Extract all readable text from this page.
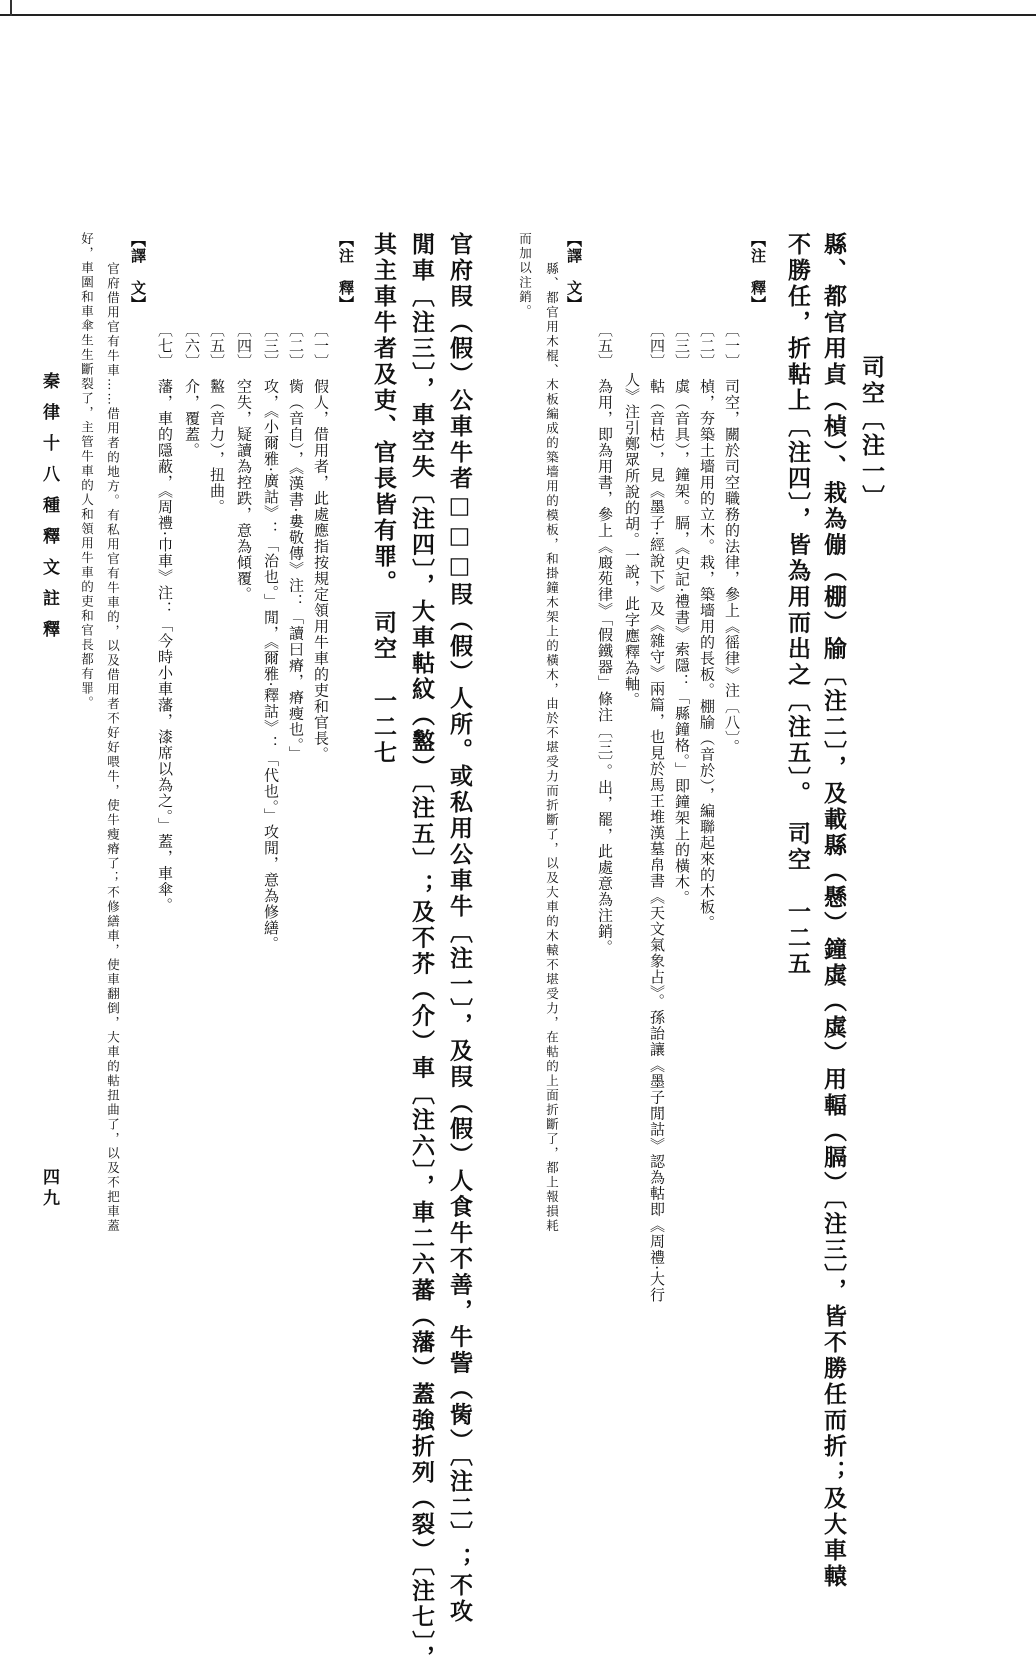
司空〔注一〕
縣、都官用貞（楨）、栽為傰（棚）牏〔注二〕，及載縣（懸）鐘虡（虡）用輻（膈）〔注三〕，皆不勝任而折；及大車轅
不勝任，折軲上〔注四〕，皆為用而出之〔注五〕。　司空　一二五
【注　釋】
〔一〕　司空，關於司空職務的法律，參上《徭律》注〔八〕。
〔二〕　楨，夯築土墻用的立木。栽，築墻用的長板。棚牏（音於），編聯起來的木板。
〔三〕　虡（音具），鐘架。膈，《史記·禮書》索隱：「縣鐘格。」即鐘架上的橫木。
〔四〕　軲（音枯），見《墨子·經說下》及《雜守》兩篇，也見於馬王堆漢墓帛書《天文氣象占》。孫詒讓《墨子閒詁》認為軲即《周禮·大行
人》注引鄭眾所說的胡。一說，此字應釋為軸。
〔五〕　為用，即為用書，參上《廄苑律》「假鐵器」條注〔三〕。出，罷，此處意為注銷。
【譯　文】
縣、都官用木棍、木板編成的築墻用的模板，和掛鐘木架上的橫木，由於不堪受力而折斷了，以及大車的木轅不堪受力，在軲的上面折斷了，都上報損耗
而加以注銷。
官府叚（假）公車牛者□□□叚（假）人所。或私用公車牛〔注一〕，及叚（假）人食牛不善，牛訾（胔）〔注二〕；不攻
閒車〔注三〕，車空失〔注四〕，大車軲紋（盭）〔注五〕；及不芥（介）車〔注六〕，車二六蕃（藩）蓋強折列（裂）〔注七〕，
其主車牛者及吏、官長皆有罪。　司空　一二七
【注　釋】
〔一〕　假人，借用者，此處應指按規定領用牛車的吏和官長。
〔二〕　胔（音自），《漢書·婁敬傳》注：「讀曰瘠，瘠瘦也。」
〔三〕　攻，《小爾雅·廣詁》：「治也。」閒，《爾雅·釋詁》：「代也。」攻閒，意為修繕。
〔四〕　空失，疑讀為控跌，意為傾覆。
〔五〕　盭（音力），扭曲。
〔六〕　介，覆蓋。
〔七〕　藩，車的隱蔽，《周禮·巾車》注：「今時小車藩，漆席以為之。」蓋，車傘。
【譯　文】
官府借用官有牛車……借用者的地方。有私用官有牛車的，以及借用者不好好喂牛，使牛瘦瘠了；不修繕車，使車翻倒，大車的軲扭曲了，以及不把車蓋
好，車圍和車傘生生斷裂了，主管牛車的人和領用牛車的吏和官長都有罪。
秦律十八種釋文註釋
四九
